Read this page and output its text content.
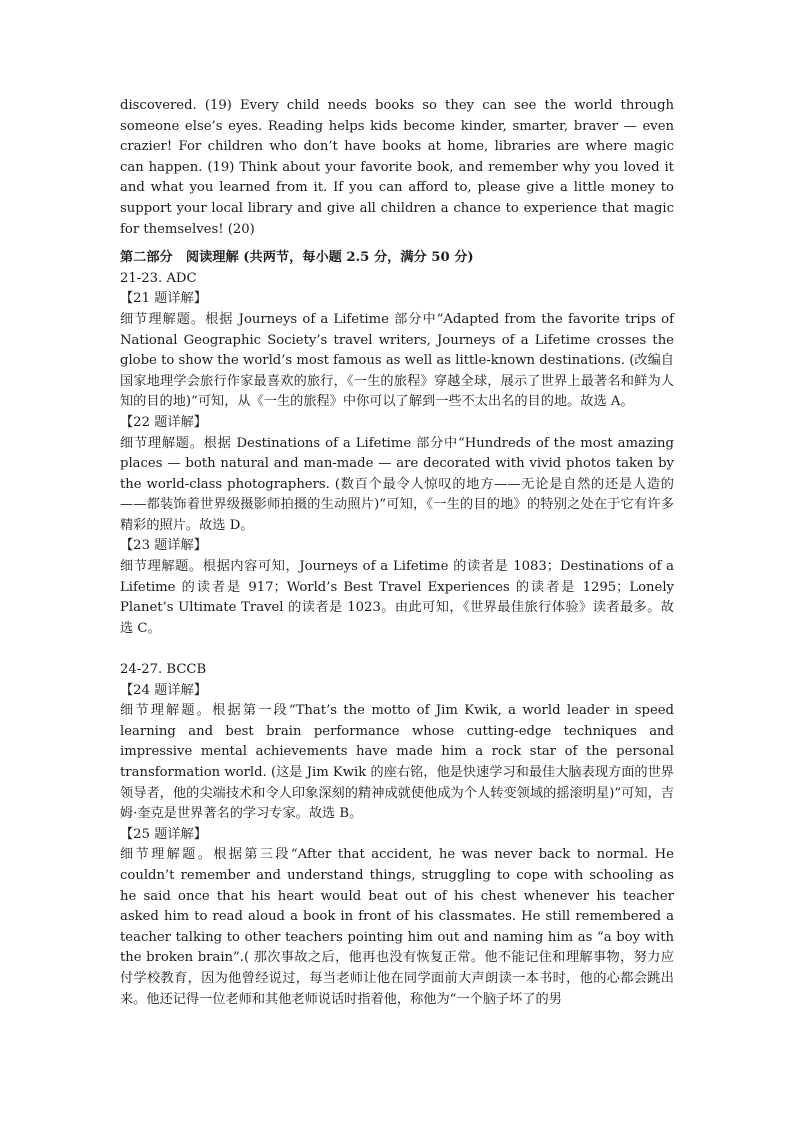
discovered. (19) Every child needs books so they can see the world through someone else’s eyes. Reading helps kids become kinder, smarter, braver — even crazier! For children who don’t have books at home, libraries are where magic can happen. (19) Think about your favorite book, and remember why you loved it and what you learned from it. If you can afford to, please give a little money to support your local library and give all children a chance to experience that magic for themselves! (20)

第二部分　阅读理解 (共两节，每小题 2.5 分，满分 50 分)

21-23. ADC

【21 题详解】

细节理解题。根据 Journeys of a Lifetime 部分中“Adapted from the favorite trips of National Geographic Society’s travel writers, Journeys of a Lifetime crosses the globe to show the world’s most famous as well as little-known destinations. (改编自国家地理学会旅行作家最喜欢的旅行，《一生的旅程》穿越全球，展示了世界上最著名和鲜为人知的目的地)”可知，从《一生的旅程》中你可以了解到一些不太出名的目的地。故选 A。

【22 题详解】

细节理解题。根据 Destinations of a Lifetime 部分中“Hundreds of the most amazing places — both natural and man-made — are decorated with vivid photos taken by the world-class photographers. (数百个最令人惊叹的地方——无论是自然的还是人造的——都装饰着世界级摄影师拍摄的生动照片)”可知，《一生的目的地》的特别之处在于它有许多精彩的照片。故选 D。

【23 题详解】

细节理解题。根据内容可知，Journeys of a Lifetime 的读者是 1083；Destinations of a Lifetime 的读者是 917；World’s Best Travel Experiences 的读者是 1295；Lonely Planet’s Ultimate Travel 的读者是 1023。由此可知，《世界最佳旅行体验》读者最多。故选 C。

24-27. BCCB

【24 题详解】

细节理解题。根据第一段“That’s the motto of Jim Kwik, a world leader in speed learning and best brain performance whose cutting-edge techniques and impressive mental achievements have made him a rock star of the personal transformation world. (这是 Jim Kwik 的座右铭，他是快速学习和最佳大脑表现方面的世界领导者，他的尖端技术和令人印象深刻的精神成就使他成为个人转变领域的摇滚明星)”可知，吉姆·奎克是世界著名的学习专家。故选 B。

【25 题详解】

细节理解题。根据第三段“After that accident, he was never back to normal. He couldn’t remember and understand things, struggling to cope with schooling as he said once that his heart would beat out of his chest whenever his teacher asked him to read aloud a book in front of his classmates. He still remembered a teacher talking to other teachers pointing him out and naming him as “a boy with the broken brain”.( 那次事故之后，他再也没有恢复正常。他不能记住和理解事物，努力应付学校教育，因为他曾经说过，每当老师让他在同学面前大声朗读一本书时，他的心都会跳出来。他还记得一位老师和其他老师说话时指着他，称他为“一个脑子坏了的男
